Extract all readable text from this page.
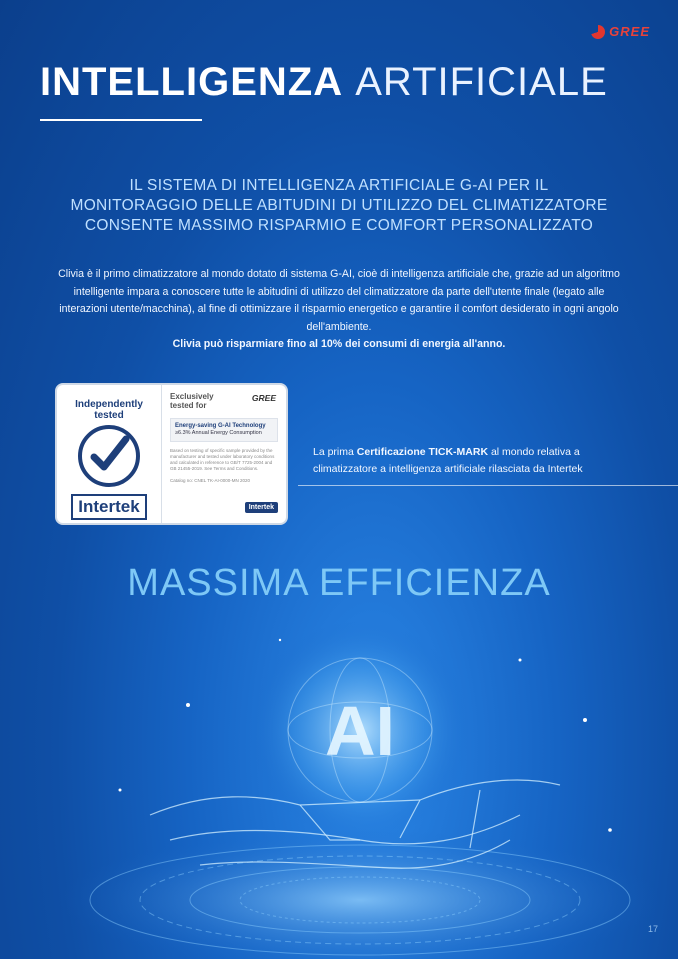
GREE
INTELLIGENZA ARTIFICIALE
IL SISTEMA DI INTELLIGENZA ARTIFICIALE G-AI PER IL
MONITORAGGIO DELLE ABITUDINI DI UTILIZZO DEL CLIMATIZZATORE
CONSENTE MASSIMO RISPARMIO E COMFORT PERSONALIZZATO
Clivia è il primo climatizzatore al mondo dotato di sistema G-AI, cioè di intelligenza artificiale che, grazie ad un algoritmo intelligente impara a conoscere tutte le abitudini di utilizzo del climatizzatore da parte dell'utente finale (legato alle interazioni utente/macchina), al fine di ottimizzare il risparmio energetico e garantire il comfort desiderato in ogni angolo dell'ambiente.
Clivia può risparmiare fino al 10% dei consumi di energia all'anno.
Independently
tested
Intertek
Exclusively
tested for
GREE
Energy-saving G-AI Technology
≥6.3% Annual Energy Consumption
Based on testing of specific sample provided by the manufacturer and tested under laboratory conditions and calculated in reference to GB/T 7725-2004 and GB 21455-2019. See Terms and Conditions.
Catalog no: CNEL TK-AI-0000-MN 2020
Intertek
La prima Certificazione TICK-MARK al mondo relativa a climatizzatore a intelligenza artificiale rilasciata da Intertek
MASSIMA EFFICIENZA
AI
17
